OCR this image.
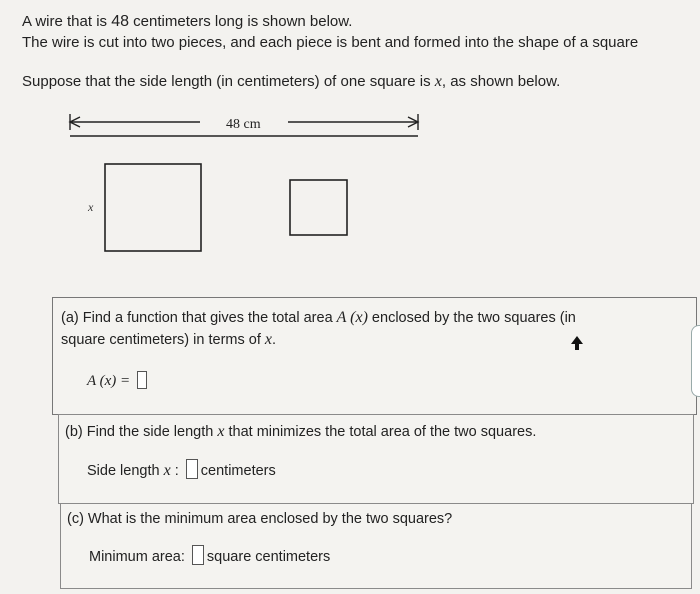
A wire that is 48 centimeters long is shown below.
The wire is cut into two pieces, and each piece is bent and formed into the shape of a square
Suppose that the side length (in centimeters) of one square is x, as shown below.
48 cm
x
(a) Find a function that gives the total area A (x) enclosed by the two squares (in
square centimeters) in terms of x.
A (x) =
(b) Find the side length x that minimizes the total area of the two squares.
Side length x : centimeters
(c) What is the minimum area enclosed by the two squares?
Minimum area: square centimeters
